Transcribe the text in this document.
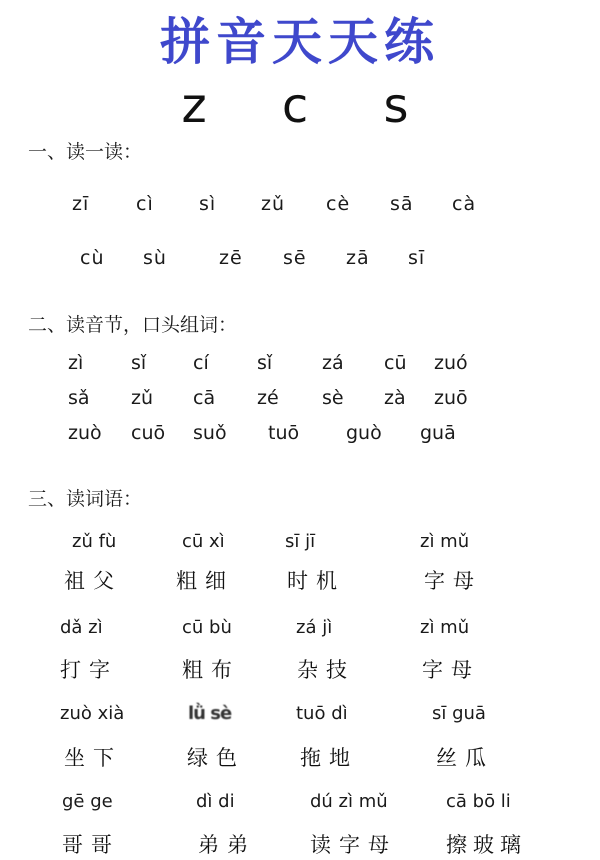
拼音天天练
z c s
一、读一读：
zī cì sì zǔ cè sā cà
cù sù	zē sē zā sī
二、读音节，口头组词：
zì	sǐ cí	sǐ	zá cū zuó
sǎ zǔ cā zé sè zà zuō
zuò cuō suǒ tuō guò guā
三、读词语：
zǔ fù	cū xì	sī jī	zì mǔ
祖父	粗细	时机	字母
dǎ zì	cū bù	zá jì	zì mǔ
打字	粗布	杂技	字母
zuò xià	lǜ sè	tuō dì	sī guā
坐下	绿色	拖地	丝瓜
gē ge	dì di	dú zì mǔ	cā bō li
哥哥	弟弟	读字母 擦玻璃
